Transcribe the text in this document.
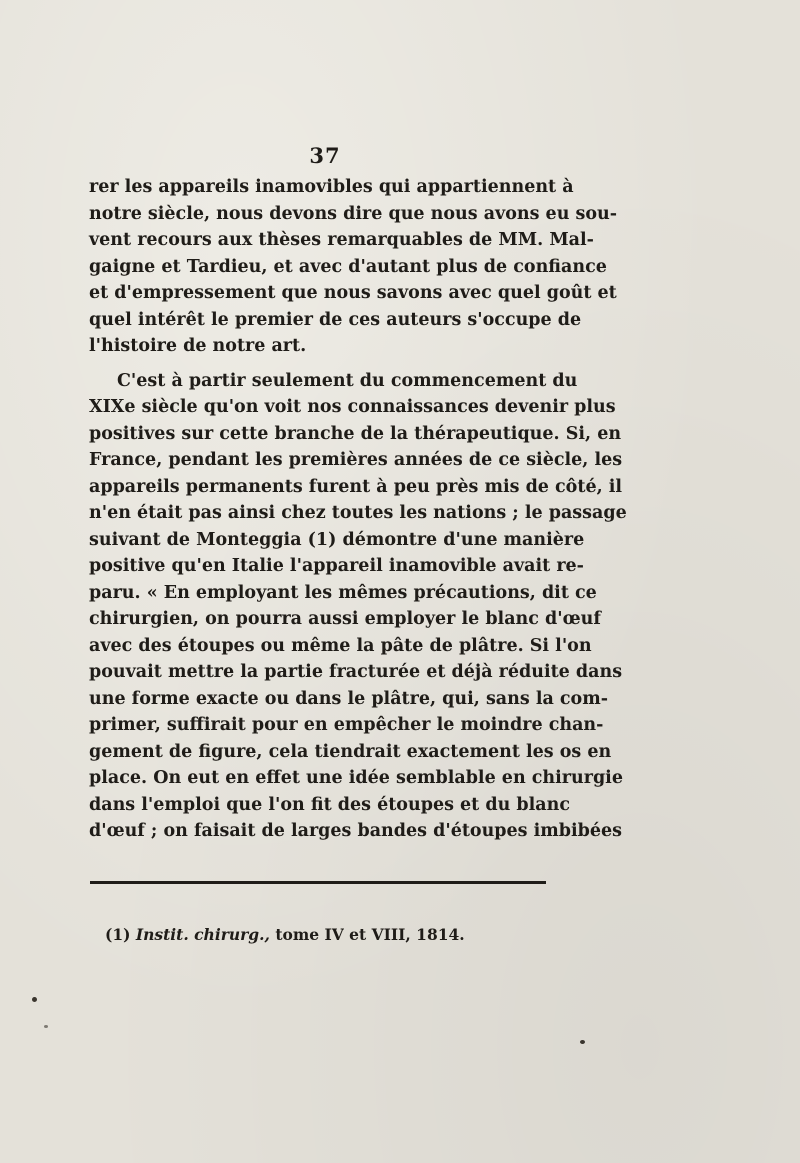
37
rer les appareils inamovibles qui appartiennent à
notre siècle, nous devons dire que nous avons eu sou-
vent recours aux thèses remarquables de MM. Mal-
gaigne et Tardieu, et avec d'autant plus de confiance
et d'empressement que nous savons avec quel goût et
quel intérêt le premier de ces auteurs s'occupe de
l'histoire de notre art.
C'est à partir seulement du commencement du
XIXe siècle qu'on voit nos connaissances devenir plus
positives sur cette branche de la thérapeutique. Si, en
France, pendant les premières années de ce siècle, les
appareils permanents furent à peu près mis de côté, il
n'en était pas ainsi chez toutes les nations ; le passage
suivant de Monteggia (1) démontre d'une manière
positive qu'en Italie l'appareil inamovible avait re-
paru. « En employant les mêmes précautions, dit ce
chirurgien, on pourra aussi employer le blanc d'œuf
avec des étoupes ou même la pâte de plâtre. Si l'on
pouvait mettre la partie fracturée et déjà réduite dans
une forme exacte ou dans le plâtre, qui, sans la com-
primer, suffirait pour en empêcher le moindre chan-
gement de figure, cela tiendrait exactement les os en
place. On eut en effet une idée semblable en chirurgie
dans l'emploi que l'on fit des étoupes et du blanc
d'œuf ; on faisait de larges bandes d'étoupes imbibées
(1) Instit. chirurg., tome IV et VIII, 1814.
